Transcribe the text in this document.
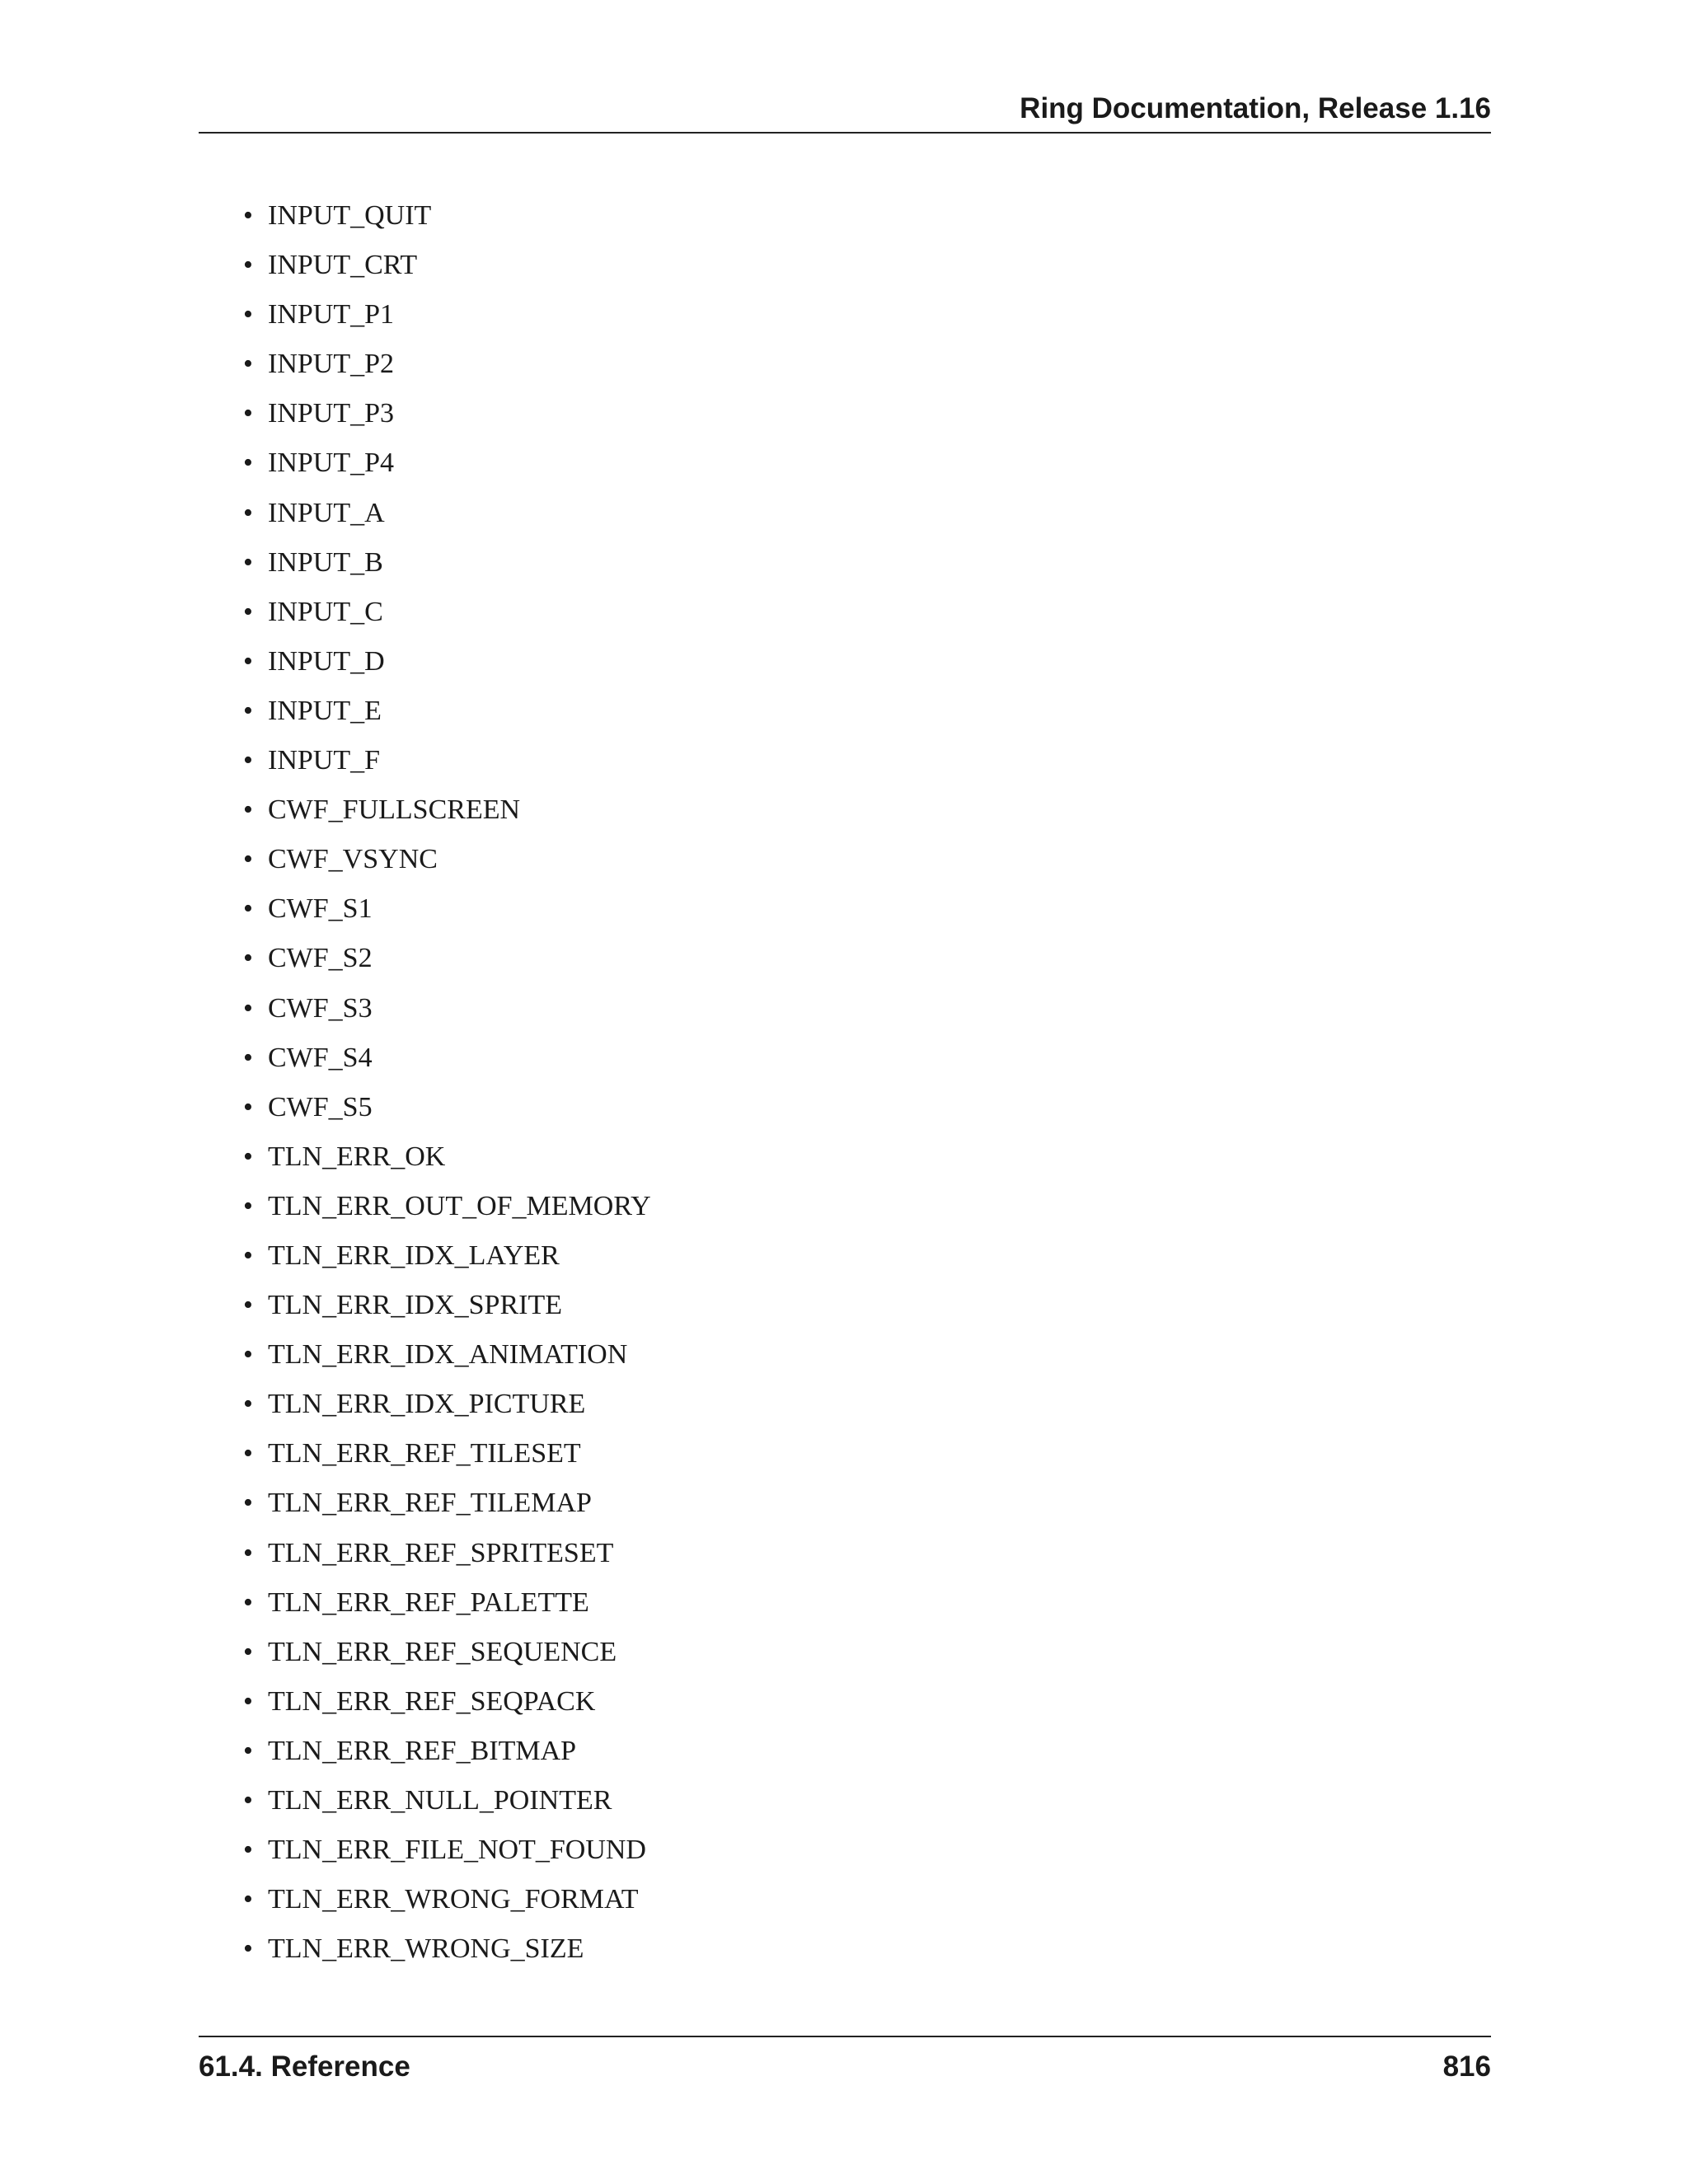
Ring Documentation, Release 1.16
• INPUT_QUIT
• INPUT_CRT
• INPUT_P1
• INPUT_P2
• INPUT_P3
• INPUT_P4
• INPUT_A
• INPUT_B
• INPUT_C
• INPUT_D
• INPUT_E
• INPUT_F
• CWF_FULLSCREEN
• CWF_VSYNC
• CWF_S1
• CWF_S2
• CWF_S3
• CWF_S4
• CWF_S5
• TLN_ERR_OK
• TLN_ERR_OUT_OF_MEMORY
• TLN_ERR_IDX_LAYER
• TLN_ERR_IDX_SPRITE
• TLN_ERR_IDX_ANIMATION
• TLN_ERR_IDX_PICTURE
• TLN_ERR_REF_TILESET
• TLN_ERR_REF_TILEMAP
• TLN_ERR_REF_SPRITESET
• TLN_ERR_REF_PALETTE
• TLN_ERR_REF_SEQUENCE
• TLN_ERR_REF_SEQPACK
• TLN_ERR_REF_BITMAP
• TLN_ERR_NULL_POINTER
• TLN_ERR_FILE_NOT_FOUND
• TLN_ERR_WRONG_FORMAT
• TLN_ERR_WRONG_SIZE
61.4. Reference	816
